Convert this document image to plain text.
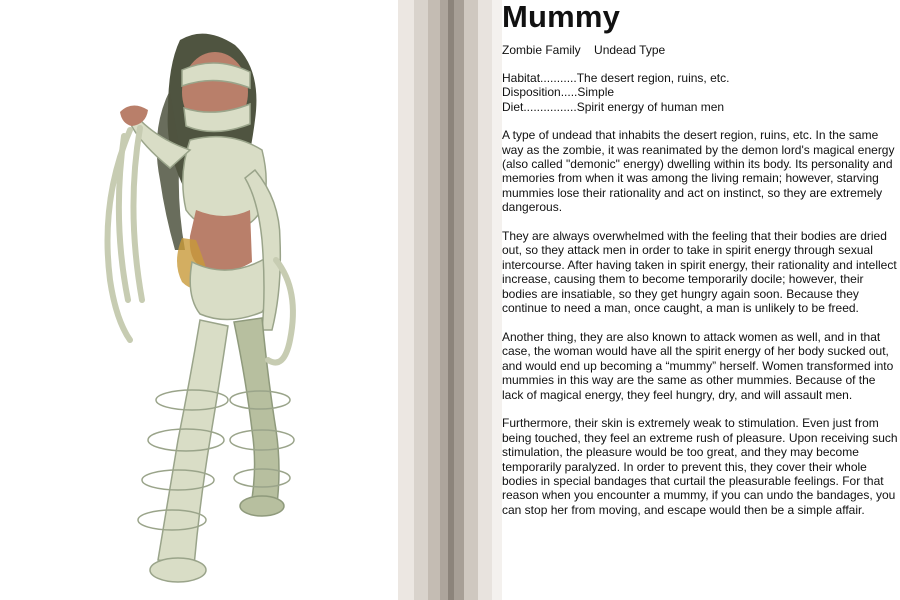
Mummy
Zombie Family Undead Type
Habitat...........The desert region, ruins, etc.
Disposition.....Simple
Diet................Spirit energy of human men

A type of undead that inhabits the desert region, ruins, etc. In the same way as the zombie, it was reanimated by the demon lord's magical energy (also called "demonic" energy) dwelling within its body. Its personality and memories from when it was among the living remain; however, starving mummies lose their rationality and act on instinct, so they are extremely dangerous.

They are always overwhelmed with the feeling that their bodies are dried out, so they attack men in order to take in spirit energy through sexual intercourse. After having taken in spirit energy, their rationality and intellect increase, causing them to become temporarily docile; however, their bodies are insatiable, so they get hungry again soon. Because they continue to need a man, once caught, a man is unlikely to be freed.

Another thing, they are also known to attack women as well, and in that case, the woman would have all the spirit energy of her body sucked out, and would end up becoming a “mummy” herself. Women transformed into mummies in this way are the same as other mummies. Because of the lack of magical energy, they feel hungry, dry, and will assault men.

Furthermore, their skin is extremely weak to stimulation. Even just from being touched, they feel an extreme rush of pleasure. Upon receiving such stimulation, the pleasure would be too great, and they may become temporarily paralyzed. In order to prevent this, they cover their whole bodies in special bandages that curtail the pleasurable feelings. For that reason when you encounter a mummy, if you can undo the bandages, you can stop her from moving, and escape would then be a simple affair.
